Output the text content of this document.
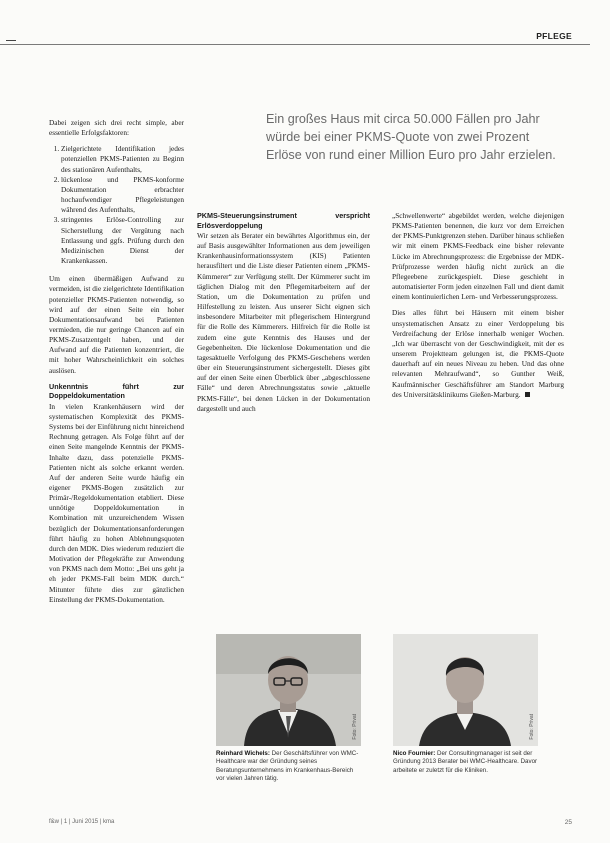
PFLEGE
Ein großes Haus mit circa 50.000 Fällen pro Jahr würde bei einer PKMS-Quote von zwei Prozent Erlöse von rund einer Million Euro pro Jahr erzielen.

Dabei zeigen sich drei recht simple, aber essentielle Erfolgsfaktoren:

1. Zielgerichtete Identifikation jedes potenziellen PKMS-Patienten zu Beginn des stationären Aufenthalts,
2. lückenlose und PKMS-konforme Dokumentation erbrachter hochaufwendiger Pflegeleistungen während des Aufenthalts,
3. stringentes Erlöse-Controlling zur Sicherstellung der Vergütung nach Entlassung und ggfs. Prüfung durch den Medizinischen Dienst der Krankenkassen.

Um einen übermäßigen Aufwand zu vermeiden, ist die zielgerichtete Identifikation potenzieller PKMS-Patienten notwendig, so wird auf der einen Seite ein hoher Dokumentationsaufwand bei Patienten vermieden, die nur geringe Chancen auf ein PKMS-Zusatzentgelt haben, und der Aufwand auf die Patienten konzentriert, die mit hoher Wahrscheinlichkeit ein solches auslösen.

Unkenntnis führt zur Doppeldokumentation

In vielen Krankenhäusern wird der systematischen Komplexität des PKMS-Systems bei der Einführung nicht hinreichend Rechnung getragen. Als Folge führt auf der einen Seite mangelnde Kenntnis der PKMS-Inhalte dazu, dass potenzielle PKMS-Patienten nicht als solche erkannt werden. Auf der anderen Seite wurde häufig ein eigener PKMS-Bogen zusätzlich zur Primär-/Regeldokumentation etabliert. Diese unnötige Doppeldokumentation in Kombination mit unzureichendem Wissen bezüglich der Dokumentationsanforderungen führt häufig zu hohen Ablehnungsquoten durch den MDK. Dies wiederum reduziert die Motivation der Pflegekräfte zur Anwendung von PKMS nach dem Motto: „Bei uns geht ja eh jeder PKMS-Fall beim MDK durch.“ Mitunter führte dies zur gänzlichen Einstellung der PKMS-Dokumentation.

PKMS-Steuerungsinstrument verspricht Erlösverdoppelung

Wir setzen als Berater ein bewährtes Algorithmus ein, der auf Basis ausgewählter Informationen aus dem jeweiligen Krankenhausinformationssystem (KIS) Patienten herausfiltert und die Liste dieser Patienten einem „PKMS-Kümmerer“ zur Verfügung stellt. Der Kümmerer sucht im täglichen Dialog mit den Pflegemitarbeitern auf der Station, um die Dokumentation zu prüfen und Hilfestellung zu leisten. Aus unserer Sicht eignen sich insbesondere Mitarbeiter mit pflegerischem Hintergrund für die Rolle des Kümmerers. Hilfreich für die Rolle ist zudem eine gute Kenntnis des Hauses und der Gegebenheiten. Die lückenlose Dokumentation und die tagesaktuelle Verfolgung des PKMS-Geschehens werden über ein Steuerungsinstrument sichergestellt. Dieses gibt auf der einen Seite einen Überblick über „abgeschlossene Fälle“ und deren Abrechnungsstatus sowie „aktuelle PKMS-Fälle“, bei denen Lücken in der Dokumentation dargestellt und auch

„Schwellenwerte“ abgebildet werden, welche diejenigen PKMS-Patienten benennen, die kurz vor dem Erreichen der PKMS-Punktgrenzen stehen. Darüber hinaus schließen wir mit einem PKMS-Feedback eine bisher relevante Lücke im Abrechnungsprozess: die Ergebnisse der MDK-Prüfprozesse werden häufig nicht zurück an die Pflegeebene zurückgespielt. Diese geschieht in automatisierter Form jeden einzelnen Fall und dient damit einem kontinuierlichen Lern- und Verbesserungsprozess.

Dies alles führt bei Häusern mit einem bisher unsystematischen Ansatz zu einer Verdoppelung bis Verdreifachung der Erlöse innerhalb weniger Wochen. „Ich war überrascht von der Geschwindigkeit, mit der es unserem Projektteam gelungen ist, die PKMS-Quote dauerhaft auf ein neues Niveau zu heben. Und das ohne relevanten Mehraufwand“, so Gunther Weiß, Kaufmännischer Geschäftsführer am Standort Marburg des Universitätsklinikums Gießen-Marburg.

Foto: Privat	Foto: Privat
Reinhard Wichels: Der Geschäftsführer von WMC-Healthcare war der Gründung seines Beratungsunternehmens im Krankenhaus-Bereich vor vielen Jahren tätig.
Nico Fournier: Der Consultingmanager ist seit der Gründung 2013 Berater bei WMC-Healthcare. Davor arbeitete er zuletzt für die Kliniken.
f&w | 1 | Juni 2015 | kma	25
